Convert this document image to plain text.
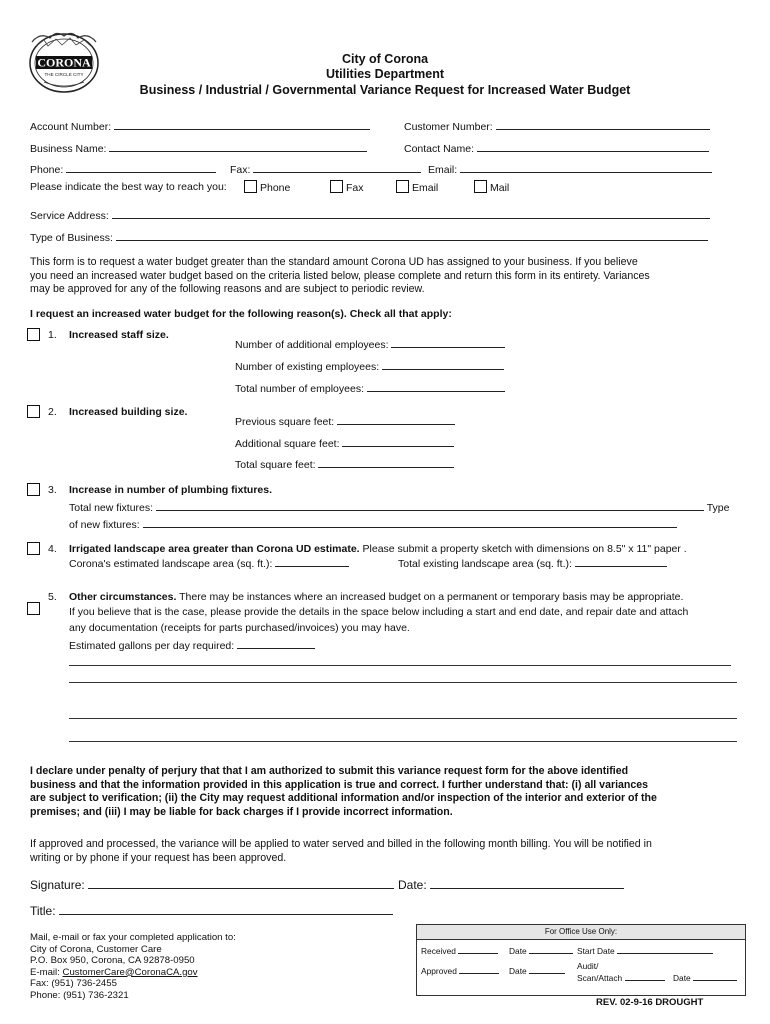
CORONA
THE CIRCLE CITY
City of Corona
Utilities Department
Business / Industrial / Governmental Variance Request for Increased Water Budget
Account Number:	Customer Number:
Business Name:	Contact Name:
Phone:	Fax:	Email:
Please indicate the best way to reach you:	Phone	Fax	Email	Mail
Service Address:
Type of Business:
This form is to request a water budget greater than the standard amount Corona UD has assigned to your business. If you believe
you need an increased water budget based on the criteria listed below, please complete and return this form in its entirety. Variances
may be approved for any of the following reasons and are subject to periodic review.
I request an increased water budget for the following reason(s). Check all that apply:
1. Increased staff size.
Number of additional employees:
Number of existing employees:
Total number of employees:
2. Increased building size.
Previous square feet:
Additional square feet:
Total square feet:
3. Increase in number of plumbing fixtures.
Total new fixtures:	Type
of new fixtures:
4. Irrigated landscape area greater than Corona UD estimate. Please submit a property sketch with dimensions on 8.5" x 11" paper .
Corona's estimated landscape area (sq. ft.):	Total existing landscape area (sq. ft.):
5. Other circumstances. There may be instances where an increased budget on a permanent or temporary basis may be appropriate.
If you believe that is the case, please provide the details in the space below including a start and end date, and repair date and attach
any documentation (receipts for parts purchased/invoices) you may have.
Estimated gallons per day required:
I declare under penalty of perjury that that I am authorized to submit this variance request form for the above identified
business and that the information provided in this application is true and correct. I further understand that: (i) all variances
are subject to verification; (ii) the City may request additional information and/or inspection of the interior and exterior of the
premises; and (iii) I may be liable for back charges if I provide incorrect information.
If approved and processed, the variance will be applied to water served and billed in the following month billing. You will be notified in
writing or by phone if your request has been approved.
Signature:	Date:
Title:
Mail, e-mail or fax your completed application to:
City of Corona, Customer Care
P.O. Box 950, Corona, CA 92878-0950
E-mail: CustomerCare@CoronaCA.gov
Fax: (951) 736-2455
Phone: (951) 736-2321
For Office Use Only:
Received	Date	Start Date
Approved	Date	Audit/
Scan/Attach	Date
REV. 02-9-16 DROUGHT
